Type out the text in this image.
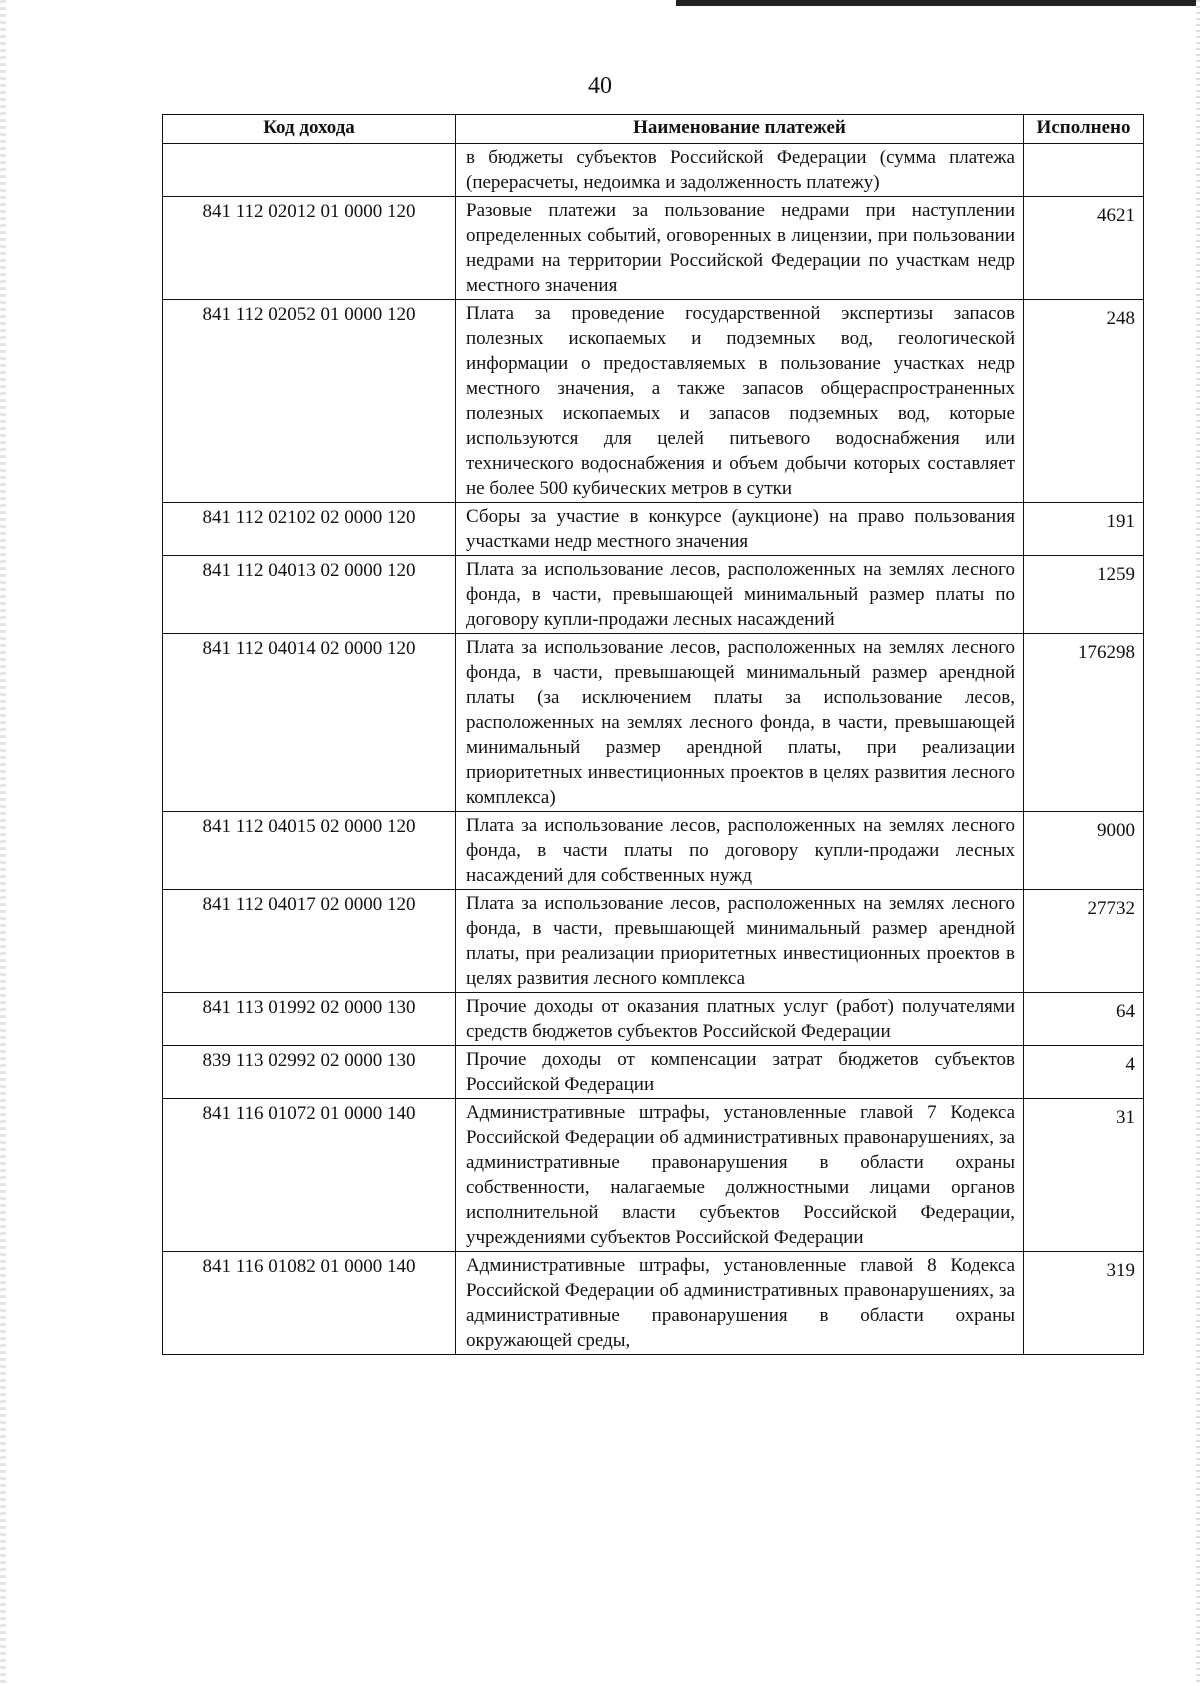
40
Код дохода	Наименование платежей	Исполнено
	в бюджеты субъектов Российской Федерации (сумма платежа (перерасчеты, недоимка и задолженность платежу)	
841 112 02012 01 0000 120	Разовые платежи за пользование недрами при наступлении определенных событий, оговоренных в лицензии, при пользовании недрами на территории Российской Федерации по участкам недр местного значения	4621
841 112 02052 01 0000 120	Плата за проведение государственной экспертизы запасов полезных ископаемых и подземных вод, геологической информации о предоставляемых в пользование участках недр местного значения, а также запасов общераспространенных полезных ископаемых и запасов подземных вод, которые используются для целей питьевого водоснабжения или технического водоснабжения и объем добычи которых составляет не более 500 кубических метров в сутки	248
841 112 02102 02 0000 120	Сборы за участие в конкурсе (аукционе) на право пользования участками недр местного значения	191
841 112 04013 02 0000 120	Плата за использование лесов, расположенных на землях лесного фонда, в части, превышающей минимальный размер платы по договору купли-продажи лесных насаждений	1259
841 112 04014 02 0000 120	Плата за использование лесов, расположенных на землях лесного фонда, в части, превышающей минимальный размер арендной платы (за исключением платы за использование лесов, расположенных на землях лесного фонда, в части, превышающей минимальный размер арендной платы, при реализации приоритетных инвестиционных проектов в целях развития лесного комплекса)	176298
841 112 04015 02 0000 120	Плата за использование лесов, расположенных на землях лесного фонда, в части платы по договору купли-продажи лесных насаждений для собственных нужд	9000
841 112 04017 02 0000 120	Плата за использование лесов, расположенных на землях лесного фонда, в части, превышающей минимальный размер арендной платы, при реализации приоритетных инвестиционных проектов в целях развития лесного комплекса	27732
841 113 01992 02 0000 130	Прочие доходы от оказания платных услуг (работ) получателями средств бюджетов субъектов Российской Федерации	64
839 113 02992 02 0000 130	Прочие доходы от компенсации затрат бюджетов субъектов Российской Федерации	4
841 116 01072 01 0000 140	Административные штрафы, установленные главой 7 Кодекса Российской Федерации об административных правонарушениях, за административные правонарушения в области охраны собственности, налагаемые должностными лицами органов исполнительной власти субъектов Российской Федерации, учреждениями субъектов Российской Федерации	31
841 116 01082 01 0000 140	Административные штрафы, установленные главой 8 Кодекса Российской Федерации об административных правонарушениях, за административные правонарушения в области охраны окружающей среды,	319
